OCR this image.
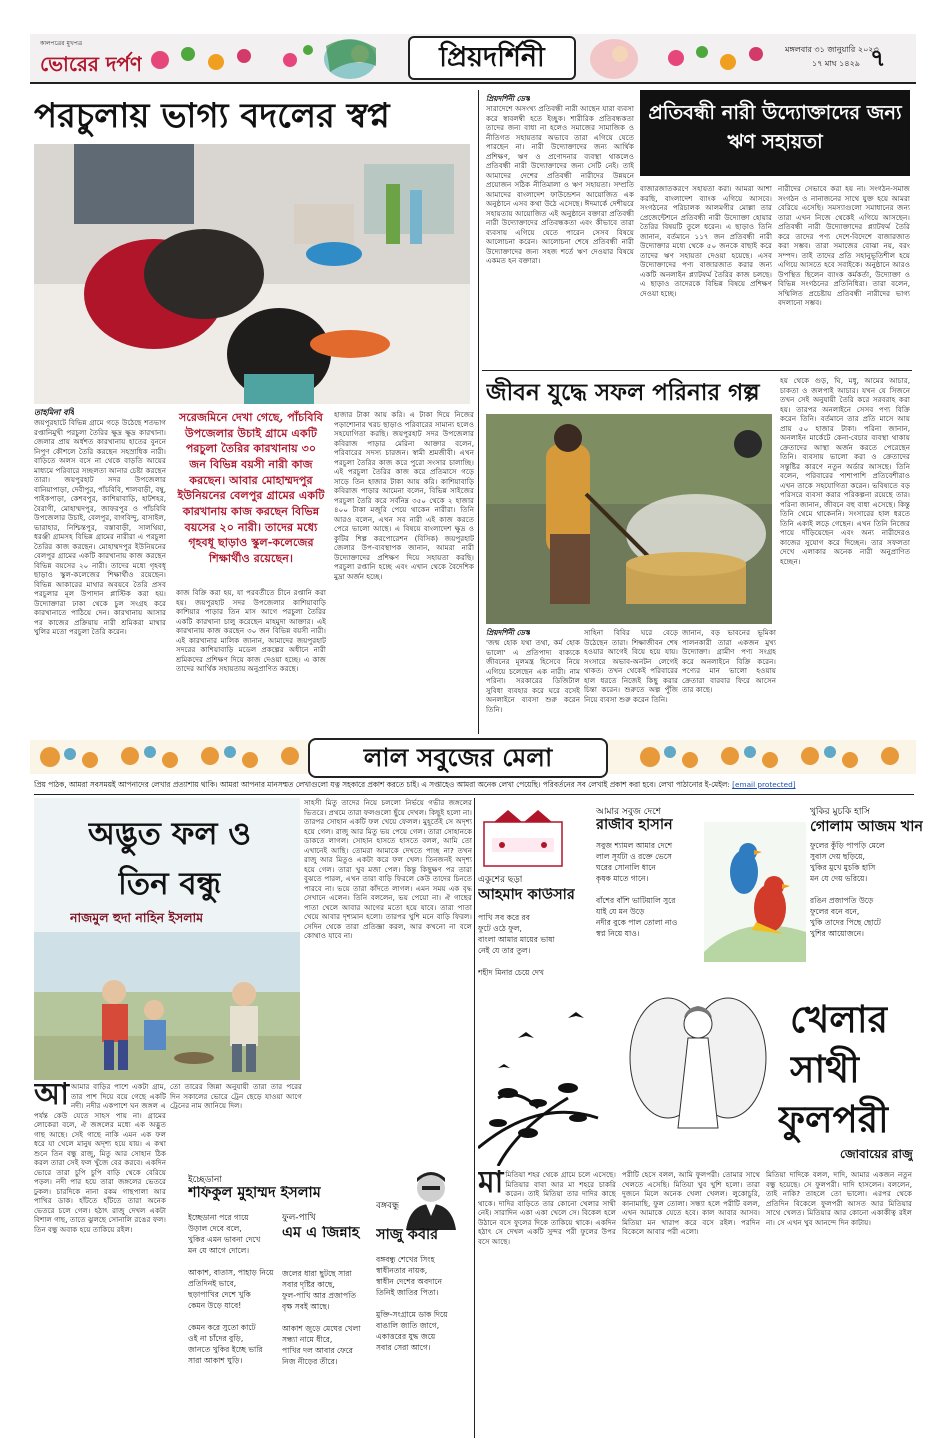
কালপত্রের মুখপত্র
ভোরের দর্পণ	প্রিয়দর্শিনী	মঙ্গলবার ৩১ জানুয়ারি ২০২৩
১৭ মাঘ ১৪২৯ ৭
পরচুলায় ভাগ্য বদলের স্বপ্ন
তাহমিনা বর্ষি
জয়পুরহাটে বিভিন্ন গ্রামে গড়ে উঠেছে শতভাগ রপ্তানিমুখী পরচুলা তৈরির ক্ষুদ্র ক্ষুদ্র কারখানা। জেলার প্রায় অর্ধশত কারখানায় হাতের বুননে নিপুণ কৌশলে তৈরি করছেন সহস্রাধিক নারী। বাড়িতে অলস বসে না থেকে বাড়তি আয়ের মাধ্যমে পরিবারে সচ্ছলতা আনার চেষ্টা করছেন তারা। জয়পুরহাট সদর উপজেলার বানিয়াপাড়া, দেবীপুর, পাঁচবিবি, শালবাড়ী, বম্বু, পাইকপাড়া, কেশবপুর, কাশিয়াবাড়ি, হাটশহর, বৈরাগী, মোহাম্মদপুর, জাফরপুর ও পাঁচবিবি উপজেলার উচাই, বেলপুর, বাগবিন্দু, বাসাইল, ভারাহার, নিশ্চিন্তপুর, বস্তাবাড়ী, সালথিয়া, ধরঞ্জী গ্রামসহ বিভিন্ন গ্রামের নারীরা এ পরচুলা তৈরির কাজ করছেন। মোহাম্মদপুর ইউনিয়নের বেলপুর গ্রামের একটি কারখানায় কাজ করছেন বিভিন্ন বয়সের ২০ নারী। তাদের মধ্যে গৃহবধূ ছাড়াও স্কুল-কলেজের শিক্ষার্থীও রয়েছেন। বিভিন্ন আকারের মাথার অবয়বে তৈরি প্রসব পরচুলার মূল উপাদান প্লাস্টিক করা হয়। উদ্যোক্তারা ঢাকা থেকে চুল সংগ্রহ করে কারখানাতে পাঠিয়ে দেন। কারখানায় আসার পর কাজের প্রক্রিয়ায় নারী শ্রমিকরা মাথার খুলির মতো পরচুলা তৈরি করেন।
সরেজমিনে দেখা গেছে, পাঁচবিবি উপজেলার উচাই গ্রামে একটি পরচুলা তৈরির কারখানায় ৩০ জন বিভিন্ন বয়সী নারী কাজ করছেন। আবার মোহাম্মদপুর ইউনিয়নের বেলপুর গ্রামের একটি কারখানায় কাজ করছেন বিভিন্ন বয়সের ২০ নারী। তাদের মধ্যে গৃহবধূ ছাড়াও স্কুল-কলেজের শিক্ষার্থীও রয়েছেন।
কাজ বিক্রি করা হয়, যা পরবর্তীতে চীনে রপ্তানি করা হয়। জয়পুরহাট সদর উপজেলার কাশিয়াবাড়ি কাশিয়ার পাড়ার তিন মাস আগে পরচুলা তৈরির একটি কারখানা চালু করেছেন মাহমুদা আক্তার। এই কারখানায় কাজ করছেন ৩০ জন বিভিন্ন বয়সী নারী। এই কারখানার মালিক জানান, আমাদের জয়পুরহাট সদরের কাশিয়াবাড়ি মডেল প্রকল্পের অধীনে নারী শ্রমিকদের প্রশিক্ষণ দিয়ে কাজ দেওয়া হচ্ছে। এ কাজ তাদের আর্থিক সহায়তায় অনুপ্রাণিত করছে।
হাজার টাকা আয় করি। এ টাকা দিয়ে নিজের পড়াশোনার খরচ ছাড়াও পরিবারের সামান্য হলেও সহযোগিতা করছি। জয়পুরহাট সদর উপজেলার কবিরাজ পাড়ার মেরিনা আক্তার বলেন, পরিবারের সদস্য চারজন। স্বামী শ্রমজীবী। এখন পরচুলা তৈরির কাজ করে পুরো সংসার চালাচ্ছি। এই পরচুলা তৈরির কাজ করে প্রতিমাসে গড়ে সাড়ে তিন হাজার টাকা আয় করি। কাশিয়াবাড়ি কবিরাজ পাড়ার আমেনা বলেন, বিভিন্ন সাইজের পরচুলা তৈরি করে সর্বনিম্ন ৩৫০ থেকে ২ হাজার ৪০০ টাকা মজুরি পেয়ে থাকেন নারীরা। তিনি আরও বলেন, এখন সব নারী এই কাজ করতে পেরে ভালো আছে। এ বিষয়ে বাংলাদেশ ক্ষুদ্র ও কুটির শিল্প করপোরেশন (বিসিক) জয়পুরহাট জেলার উপ-ব্যবস্থাপক জানান, আমরা নারী উদ্যোক্তাদের প্রশিক্ষণ দিয়ে সহায়তা করছি। পরচুলা রপ্তানি হচ্ছে এবং এখান থেকে বৈদেশিক মুদ্রা অর্জন হচ্ছে।
প্রিয়দর্শিনী ডেস্ক
সারাদেশে অসংখ্য প্রতিবন্ধী নারী আছেন যারা ব্যবসা করে স্বাবলম্বী হতে ইচ্ছুক। শারীরিক প্রতিবন্ধকতা তাদের জন্য বাধা না হলেও সমাজের সামাজিক ও নীতিগত সহায়তার অভাবে তারা এগিয়ে যেতে পারছেন না। নারী উদ্যোক্তাদের জন্য আর্থিক প্রশিক্ষণ, ঋণ ও প্রণোদনার ব্যবস্থা থাকলেও প্রতিবন্ধী নারী উদ্যোক্তাদের জন্য সেটি নেই। তাই আমাদের দেশের প্রতিবন্ধী নারীদের উন্নয়নে প্রয়োজন সঠিক নীতিমালা ও ঋণ সহায়তা। সম্প্রতি আমাদের বাংলাদেশ ফাউন্ডেশন আয়োজিত এক অনুষ্ঠানে এসব কথা উঠে এসেছে। ঈদমার্কে দেশীয়রে সহায়তায় আয়োজিত এই অনুষ্ঠানে বক্তারা প্রতিবন্ধী নারী উদ্যোক্তাদের প্রতিবন্ধকতা এবং কীভাবে তারা ব্যবসায় এগিয়ে যেতে পারেন সেসব বিষয়ে আলোচনা করেন। আলোচনা শেষে প্রতিবন্ধী নারী উদ্যোক্তাদের জন্য সহজ শর্তে ঋণ দেওয়ার বিষয়ে একমত হন বক্তারা।
প্রতিবন্ধী নারী উদ্যোক্তাদের জন্য ঋণ সহায়তা
বাজারজাতকরণে সহায়তা করা। আমরা আশা করছি, বাংলাদেশ ব্যাংক এগিয়ে আসবে। সংগঠনের পরিচালক আলমগীর মোল্লা তার প্রেজেন্টেশনে প্রতিবন্ধী নারী উদ্যোক্তা হোয়ার তৈরির বিষয়টি তুলে ধরেন। এ ছাড়াও তিনি জানান, বর্তমানে ১১৭ জন প্রতিবন্ধী নারী উদ্যোক্তার মধ্যে থেকে ৫০ জনকে বাছাই করে তাদের ঋণ সহায়তা দেওয়া হয়েছে। এসব উদ্যোক্তাদের পণ্য বাজারজাত করার জন্য একটি অনলাইন প্ল্যাটফর্ম তৈরির কাজ চলছে। এ ছাড়াও তাদেরকে বিভিন্ন বিষয়ে প্রশিক্ষণ দেওয়া হচ্ছে।
নারীদের সেভাবে করা হয় না। সংগঠন-সমাজ সংগঠন ও নানাজনের সাথে যুক্ত হয়ে আমরা বেরিয়ে এসেছি। সমস্যাগুলো সমাধানের জন্য তারা এখন নিজে থেকেই এগিয়ে আসছেন। প্রতিবন্ধী নারী উদ্যোক্তাদের প্ল্যাটফর্ম তৈরি করে তাদের পণ্য দেশে-বিদেশে বাজারজাত করা সম্ভব। তারা সমাজের বোঝা নয়, বরং সম্পদ। তাই তাদের প্রতি সহানুভূতিশীল হয়ে এগিয়ে আসতে হবে সবাইকে। অনুষ্ঠানে আরও উপস্থিত ছিলেন ব্যাংক কর্মকর্তা, উদ্যোক্তা ও বিভিন্ন সংগঠনের প্রতিনিধিরা। তারা বলেন, সম্মিলিত প্রচেষ্টায় প্রতিবন্ধী নারীদের ভাগ্য বদলানো সম্ভব।
জীবন যুদ্ধে সফল পরিনার গল্প	হয় থেকে গুড়, ঘি, মধু, আমের আচার, চাকতা ও জলপাই আচার। যখন যে সিজনে তখন সেই অনুযায়ী তৈরি করে সরবরাহ করা হয়। তারপর অনলাইনে সেসব পণ্য বিক্রি করেন তিনি। বর্তমানে তার প্রতি মাসে আয় প্রায় ৫০ হাজার টাকা। পরিনা জানান, অনলাইন মার্কেটে কেনা-বেচার ব্যবস্থা থাকায় ক্রেতাদের আস্থা অর্জন করতে পেরেছেন তিনি। ব্যবসায় ভালো করা ও ক্রেতাদের সন্তুষ্টির কারণে নতুন অর্ডার আসছে। তিনি বলেন, পরিবারের পাশাপাশি প্রতিবেশীরাও এখন তাকে সহযোগিতা করেন। ভবিষ্যতে বড় পরিসরে ব্যবসা করার পরিকল্পনা রয়েছে তার। পরিনা জানান, জীবনে বহু বাধা এসেছে। কিন্তু তিনি থেমে থাকেননি। সংসারের হাল ধরতে তিনি একাই লড়ে গেছেন। এখন তিনি নিজের পায়ে দাঁড়িয়েছেন এবং অন্য নারীদেরও কাজের সুযোগ করে দিচ্ছেন। তার সফলতা দেখে এলাকার অনেক নারী অনুপ্রাণিত হচ্ছেন।
প্রিয়দর্শিনী ডেস্ক
'জন্ম হোক যথা তথা, কর্ম হোক ভালো' এ প্রতিপাদ্য বাক্যকে জীবনের মূলমন্ত্র হিসেবে নিয়ে এগিয়ে চলেছেন এক নারী। নাম পরিনা। সরকারের ডিজিটাল সুবিধা ব্যবহার করে ঘরে বসেই অনলাইনে ব্যবসা শুরু করেন তিনি।
সাহিনা বিবির ঘরে বেড়ে উঠেছেন তারা। শিক্ষাজীবন শেষ হওয়ার আগেই বিয়ে হয়ে যায়। সংসারে অভাব-অনটন লেগেই থাকত। তখন থেকেই পরিবারের হাল ধরতে নিজেই কিছু করার চিন্তা করেন। শুরুতে অল্প পুঁজি নিয়ে ব্যবসা শুরু করেন তিনি।
জানান, বড় ভাবনের ভূমিকা পালনকারী তারা একজন মুখ্য উদ্যোক্তা। গ্রামীণ পণ্য সংগ্রহ করে অনলাইনে বিক্রি করেন। পণ্যের মান ভালো হওয়ায় ক্রেতারা বারবার ফিরে আসেন তার কাছে।
লাল সবুজের মেলা
প্রিয় পাঠক, আমরা সবসময়ই আপনাদের লেখার প্রত্যাশায় থাকি। আমরা আপনার মানসম্মত লেখাগুলো যত্ন সহকারে প্রকাশ করতে চাই। এ সপ্তাহেও আমরা অনেক লেখা পেয়েছি। পরিবর্তনের সব লেখাই প্রকাশ করা হবে। লেখা পাঠানোর ই-মেইল: [email protected]
অদ্ভুত ফল ও
তিন বন্ধু
নাজমুল হুদা নাহিন ইসলাম
আআমার বাড়ির পাশে একটা গ্রাম, তার পাশ দিয়ে বয়ে গেছে একটি নদী। নদীর একপাশে ঘন জঙ্গল এ পর্যন্ত কেউ যেতে সাহস পায় না। গ্রামের লোকেরা বলে, ঐ জঙ্গলের মধ্যে এক অদ্ভুত গাছ আছে। সেই গাছে নাকি এমন এক ফল ধরে যা খেলে মানুষ অদৃশ্য হয়ে যায়। এ কথা শুনে তিন বন্ধু রাজু, মিতু আর সোহান ঠিক করল তারা সেই ফল খুঁজে বের করবে। একদিন ভোরে তারা চুপি চুপি বাড়ি থেকে বেরিয়ে পড়ল। নদী পার হয়ে তারা জঙ্গলের ভেতরে ঢুকল। চারদিকে নানা রকম গাছপালা আর পাখির ডাক। হাঁটতে হাঁটতে তারা অনেক ভেতরে চলে গেল। হঠাৎ রাজু দেখল একটা বিশাল গাছ, তাতে ঝুলছে সোনালি রঙের ফল। তিন বন্ধু অবাক হয়ে তাকিয়ে রইল।
তো তারের জিন্না অনুযায়ী তারা তার পরের দিন সকালের ভোরে ট্রেন ছেড়ে যাওয়া আগে ট্রেনের নাম জানিয়ে দিল।
সাহসী মিতু তাদের নিয়ে চললো নির্ভয়ে গভীর জঙ্গলের ভিতরে। প্রথমে তারা ফলগুলো ছুঁয়ে দেখল। কিছুই হলো না। তারপর সোহান একটি ফল খেয়ে ফেলল। মুহূর্তেই সে অদৃশ্য হয়ে গেল। রাজু আর মিতু ভয় পেয়ে গেল। তারা সোহানকে ডাকতে লাগল। সোহান হাসতে হাসতে বলল, আমি তো এখানেই আছি। তোমরা আমাকে দেখতে পাচ্ছ না? তখন রাজু আর মিতুও একটা করে ফল খেল। তিনজনই অদৃশ্য হয়ে গেল। তারা খুব মজা পেল। কিন্তু কিছুক্ষণ পর তারা বুঝতে পারল, এখন তারা বাড়ি ফিরলে কেউ তাদের চিনতে পারবে না। ভয়ে তারা কাঁদতে লাগল। এমন সময় এক বৃদ্ধ সেখানে এলেন। তিনি বললেন, ভয় পেয়ো না। ঐ গাছের পাতা খেলে আবার আগের মতো হয়ে যাবে। তারা পাতা খেয়ে আবার দৃশ্যমান হলো। তারপর খুশি মনে বাড়ি ফিরল। সেদিন থেকে তারা প্রতিজ্ঞা করল, আর কখনো না বলে কোথাও যাবে না।
ইচ্ছেডানা
শফিকুল মুহাম্মদ ইসলাম
ইচ্ছেডানা পরে গায়ে
উড়াল দেবে বলে,
খুকির এমন ভাবনা দেখে
মন যে আগে দোলে।

আকাশ, বাতাস, পাহাড় নিয়ে
প্রতিদিনই ভাবে,
ছড়াপাখির দেশে খুকি
কেমন উড়ে যাবে!

কেমন করে সুতো কাটে
ওই না চাঁদের বুড়ি,
জানতে খুকির ইচ্ছে ভারি
সারা আকাশ ঘুড়ি।
ফুল-পাখি
এম এ জিন্নাহ
জলের ধারা ছুটছে সারা
সবার দৃষ্টির কাছে,
ফুল-পাখি আর প্রজাপতি
বৃক্ষ সবই আছে।

আকাশ জুড়ে মেঘের খেলা
সন্ধ্যা নামে ধীরে,
পাখির দল আবার ফেরে
নিজ নীড়ের তীরে।
বঙ্গবন্ধু
সাজু কবীর
বঙ্গবন্ধু শেখের সিংহ
স্বাধীনতার নায়ক,
স্বাধীন দেশের অবদানে
তিনিই জাতির পিতা।

মুক্তি-সংগ্রামে ডাক দিয়ে
বাঙালি জাতি জাগে,
একাত্তরের যুদ্ধ জয়ে
সবার সেরা আগে।
একুশের ছড়া
আহমাদ কাউসার
পাখি সব করে রব
ফুটে ওঠে ফুল,
বাংলা আমার মায়ের ভাষা
নেই যে তার তুল।

শহীদ মিনার চেয়ে দেখ

আমার সবুজ দেশে
রাজীব হাসান
সবুজ শ্যামল আমার দেশে
লাল সূর্যটা ও রক্তে ভেসে
ঘরের সোনালি ধানে
কৃষক মাতে গানে।

বাঁশের বাঁশি ভাটিয়ালি সুরে
যাই যে মন উড়ে
নদীর বুকে পাল তোলা নাও
স্বপ্ন নিয়ে যাও।
খুকির মুচকি হাসি
গোলাম আজম খান
ফুলের কুঁড়ি পাপড়ি মেলে
সুবাস দেয় ছড়িয়ে,
খুকির মুখে মুচকি হাসি
মন যে দেয় ভরিয়ে।

রঙিন প্রজাপতি উড়ে
ফুলের বনে বনে,
খুকি তাদের পিছে ছোটে
খুশির আয়োজনে।
খেলার
সাথী
ফুলপরী
জোবায়ের রাজু
মামিতিয়া শহর থেকে গ্রামে চলে এসেছে। মিতিয়ার বাবা আর মা শহরে চাকরি করেন। তাই মিতিয়া তার দাদির কাছে থাকে। দাদির বাড়িতে তার কোনো খেলার সাথী নেই। সারাদিন একা একা খেলে সে। বিকেল হলে উঠানে বসে ফুলের দিকে তাকিয়ে থাকে। একদিন হঠাৎ সে দেখল একটি সুন্দর পরী ফুলের উপর বসে আছে।
পরীটি হেসে বলল, আমি ফুলপরী। তোমার সাথে খেলতে এসেছি। মিতিয়া খুব খুশি হলো। তারা দুজনে মিলে অনেক খেলা খেলল। লুকোচুরি, কানামাছি, ফুল তোলা। সন্ধ্যা হলে পরীটি বলল, এখন আমাকে যেতে হবে। কাল আবার আসব। মিতিয়া মন খারাপ করে বসে রইল। পরদিন বিকেলে আবার পরী এলো।
মিতিয়া দাদিকে বলল, দাদি, আমার একজন নতুন বন্ধু হয়েছে। সে ফুলপরী। দাদি হাসলেন। বললেন, তাই নাকি? তাহলে তো ভালো। এরপর থেকে প্রতিদিন বিকেলে ফুলপরী আসত আর মিতিয়ার সাথে খেলত। মিতিয়ার আর কোনো একাকীত্ব রইল না। সে এখন খুব আনন্দে দিন কাটায়।
